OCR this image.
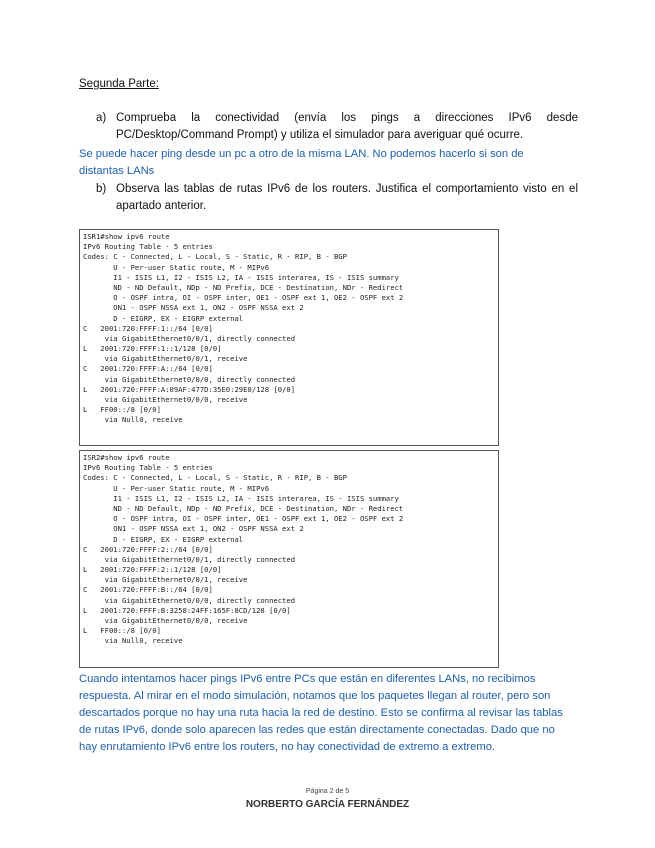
Segunda Parte:
a) Comprueba la conectividad (envía los pings a direcciones IPv6 desde
PC/Desktop/Command Prompt) y utiliza el simulador para averiguar qué ocurre.
Se puede hacer ping desde un pc a otro de la misma LAN. No podemos hacerlo si son de
distantas LANs
b) Observa las tablas de rutas IPv6 de los routers. Justifica el comportamiento visto en el
apartado anterior.
ISR1#show ipv6 route
IPv6 Routing Table - 5 entries
Codes: C - Connected, L - Local, S - Static, R - RIP, B - BGP
U - Per-user Static route, M - MIPv6
I1 - ISIS L1, I2 - ISIS L2, IA - ISIS interarea, IS - ISIS summary
ND - ND Default, NDp - ND Prefix, DCE - Destination, NDr - Redirect
O - OSPF intra, OI - OSPF inter, OE1 - OSPF ext 1, OE2 - OSPF ext 2
ON1 - OSPF NSSA ext 1, ON2 - OSPF NSSA ext 2
D - EIGRP, EX - EIGRP external
C   2001:720:FFFF:1::/64 [0/0]
via GigabitEthernet0/0/1, directly connected
L   2001:720:FFFF:1::1/128 [0/0]
via GigabitEthernet0/0/1, receive
C   2001:720:FFFF:A::/64 [0/0]
via GigabitEthernet0/0/0, directly connected
L   2001:720:FFFF:A:09AF:477D:35E0:29E0/128 [0/0]
via GigabitEthernet0/0/0, receive
L   FF00::/8 [0/0]
via Null0, receive
ISR2#show ipv6 route
IPv6 Routing Table - 5 entries
Codes: C - Connected, L - Local, S - Static, R - RIP, B - BGP
U - Per-user Static route, M - MIPv6
I1 - ISIS L1, I2 - ISIS L2, IA - ISIS interarea, IS - ISIS summary
ND - ND Default, NDp - ND Prefix, DCE - Destination, NDr - Redirect
O - OSPF intra, OI - OSPF inter, OE1 - OSPF ext 1, OE2 - OSPF ext 2
ON1 - OSPF NSSA ext 1, ON2 - OSPF NSSA ext 2
D - EIGRP, EX - EIGRP external
C   2001:720:FFFF:2::/64 [0/0]
via GigabitEthernet0/0/1, directly connected
L   2001:720:FFFF:2::1/128 [0/0]
via GigabitEthernet0/0/1, receive
C   2001:720:FFFF:B::/64 [0/0]
via GigabitEthernet0/0/0, directly connected
L   2001:720:FFFF:B:3258:24FF:165F:8CD/128 [0/0]
via GigabitEthernet0/0/0, receive
L   FF00::/8 [0/0]
via Null0, receive
Cuando intentamos hacer pings IPv6 entre PCs que están en diferentes LANs, no recibimos
respuesta. Al mirar en el modo simulación, notamos que los paquetes llegan al router, pero son
descartados porque no hay una ruta hacia la red de destino. Esto se confirma al revisar las tablas
de rutas IPv6, donde solo aparecen las redes que están directamente conectadas. Dado que no
hay enrutamiento IPv6 entre los routers, no hay conectividad de extremo a extremo.
Página 2 de 5
NORBERTO GARCÍA FERNÁNDEZ
